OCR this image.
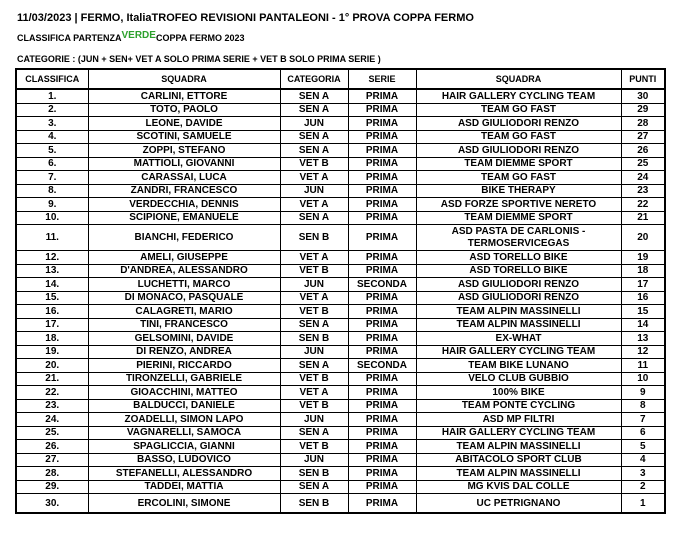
11/03/2023 | FERMO, ItaliaTROFEO REVISIONI PANTALEONI - 1° PROVA COPPA FERMO
CLASSIFICA PARTENZAVERDECOPPA FERMO 2023
CATEGORIE : (JUN + SEN+ VET A SOLO PRIMA SERIE + VET B SOLO PRIMA SERIE )
CLASSIFICA	SQUADRA	CATEGORIA	SERIE	SQUADRA	PUNTI
1.	CARLINI, ETTORE	SEN A	PRIMA	HAIR GALLERY CYCLING TEAM	30
2.	TOTO, PAOLO	SEN A	PRIMA	TEAM GO FAST	29
3.	LEONE, DAVIDE	JUN	PRIMA	ASD GIULIODORI RENZO	28
4.	SCOTINI, SAMUELE	SEN A	PRIMA	TEAM GO FAST	27
5.	ZOPPI, STEFANO	SEN A	PRIMA	ASD GIULIODORI RENZO	26
6.	MATTIOLI, GIOVANNI	VET B	PRIMA	TEAM DIEMME SPORT	25
7.	CARASSAI, LUCA	VET A	PRIMA	TEAM GO FAST	24
8.	ZANDRI, FRANCESCO	JUN	PRIMA	BIKE THERAPY	23
9.	VERDECCHIA, DENNIS	VET A	PRIMA	ASD FORZE SPORTIVE NERETO	22
10.	SCIPIONE, EMANUELE	SEN A	PRIMA	TEAM DIEMME SPORT	21
11.	BIANCHI, FEDERICO	SEN B	PRIMA	ASD PASTA DE CARLONIS - TERMOSERVICEGAS	20
12.	AMELI, GIUSEPPE	VET A	PRIMA	ASD TORELLO BIKE	19
13.	D'ANDREA, ALESSANDRO	VET B	PRIMA	ASD TORELLO BIKE	18
14.	LUCHETTI, MARCO	JUN	SECONDA	ASD GIULIODORI RENZO	17
15.	DI MONACO, PASQUALE	VET A	PRIMA	ASD GIULIODORI RENZO	16
16.	CALAGRETI, MARIO	VET B	PRIMA	TEAM ALPIN MASSINELLI	15
17.	TINI, FRANCESCO	SEN A	PRIMA	TEAM ALPIN MASSINELLI	14
18.	GELSOMINI, DAVIDE	SEN B	PRIMA	EX-WHAT	13
19.	DI RENZO, ANDREA	JUN	PRIMA	HAIR GALLERY CYCLING TEAM	12
20.	PIERINI, RICCARDO	SEN A	SECONDA	TEAM BIKE LUNANO	11
21.	TIRONZELLI, GABRIELE	VET B	PRIMA	VELO CLUB GUBBIO	10
22.	GIOACCHINI, MATTEO	VET A	PRIMA	100% BIKE	9
23.	BALDUCCI, DANIELE	VET B	PRIMA	TEAM PONTE CYCLING	8
24.	ZOADELLI, SIMON LAPO	JUN	PRIMA	ASD MP FILTRI	7
25.	VAGNARELLI, SAMOCA	SEN A	PRIMA	HAIR GALLERY CYCLING TEAM	6
26.	SPAGLICCIA, GIANNI	VET B	PRIMA	TEAM ALPIN MASSINELLI	5
27.	BASSO, LUDOVICO	JUN	PRIMA	ABITACOLO SPORT CLUB	4
28.	STEFANELLI, ALESSANDRO	SEN B	PRIMA	TEAM ALPIN MASSINELLI	3
29.	TADDEI, MATTIA	SEN A	PRIMA	MG KVIS DAL COLLE	2
30.	ERCOLINI, SIMONE	SEN B	PRIMA	UC PETRIGNANO	1
